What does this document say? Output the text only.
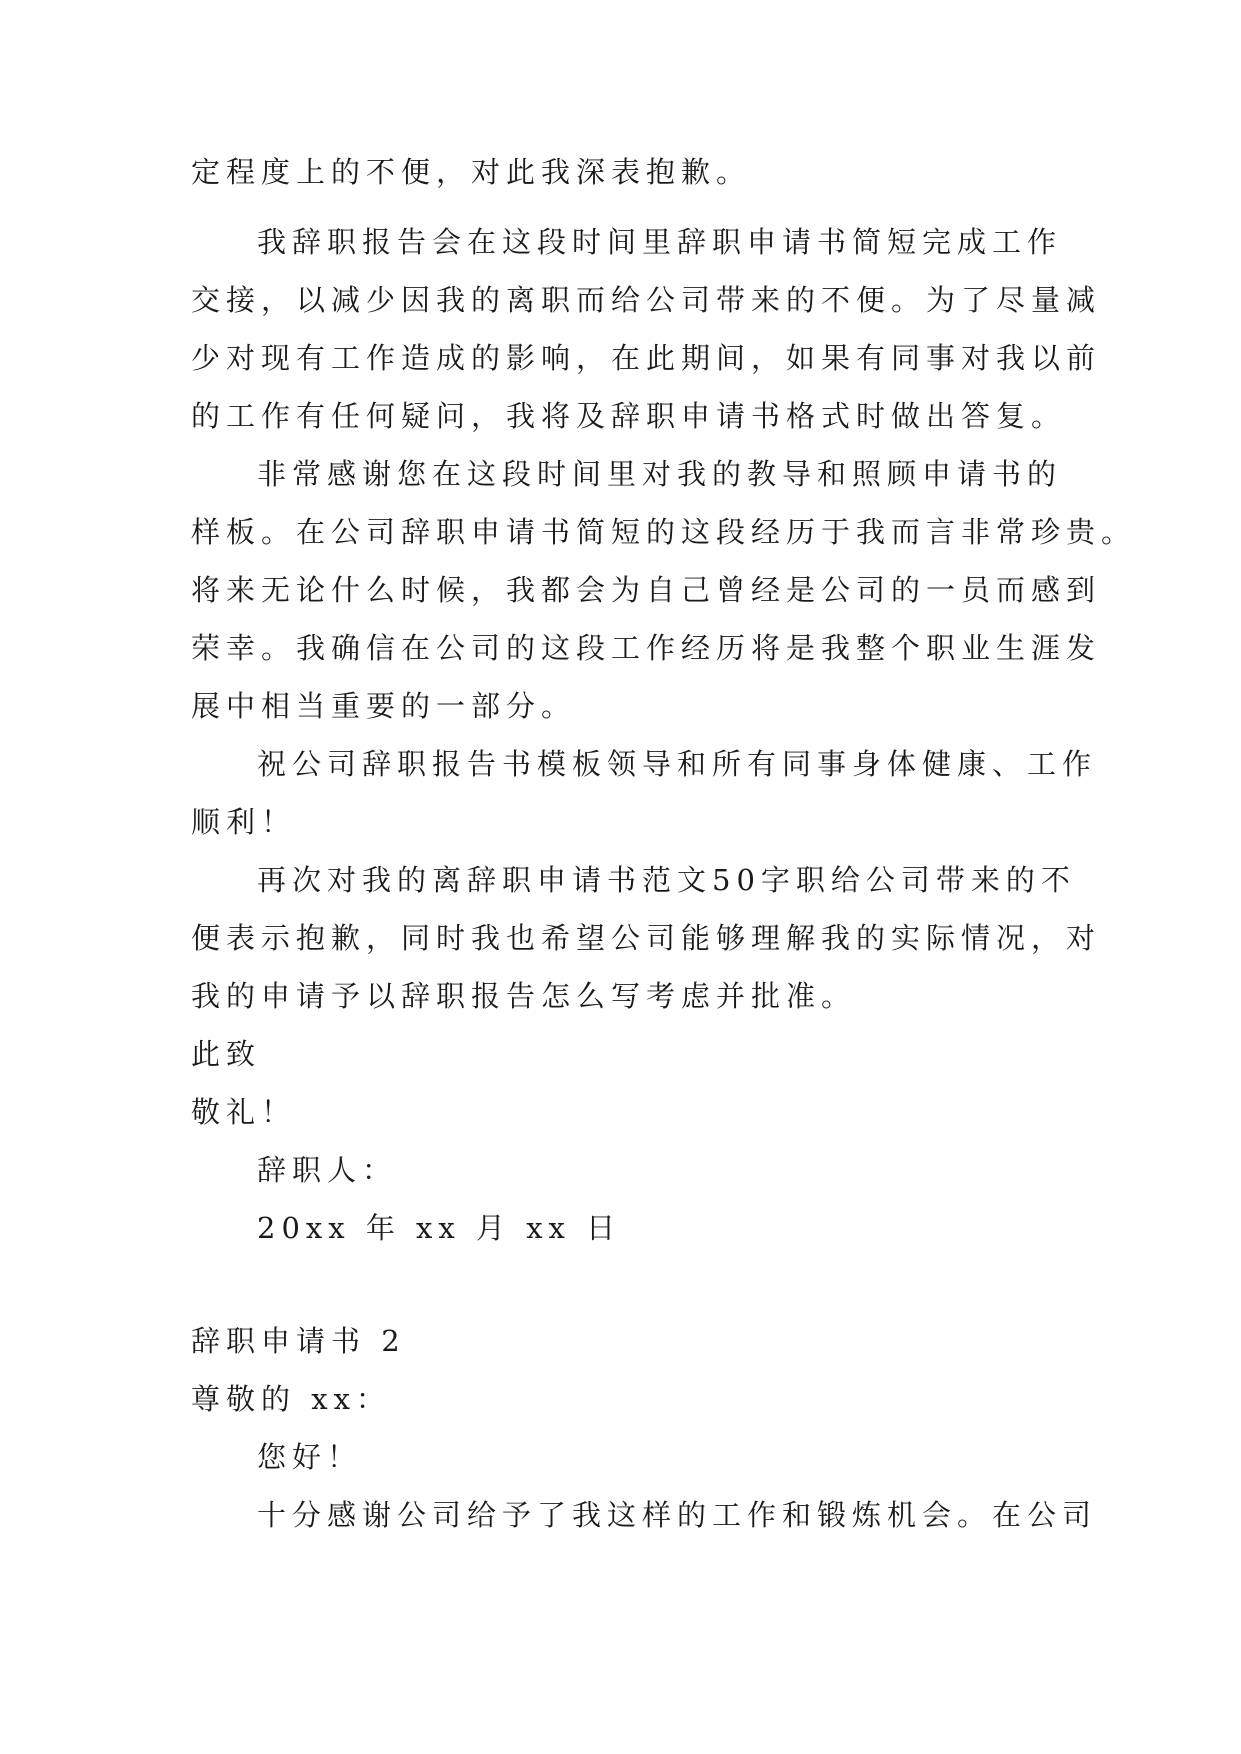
定程度上的不便，对此我深表抱歉。
我辞职报告会在这段时间里辞职申请书简短完成工作
交接，以减少因我的离职而给公司带来的不便。为了尽量减
少对现有工作造成的影响，在此期间，如果有同事对我以前
的工作有任何疑问，我将及辞职申请书格式时做出答复。
非常感谢您在这段时间里对我的教导和照顾申请书的
样板。在公司辞职申请书简短的这段经历于我而言非常珍贵。
将来无论什么时候，我都会为自己曾经是公司的一员而感到
荣幸。我确信在公司的这段工作经历将是我整个职业生涯发
展中相当重要的一部分。
祝公司辞职报告书模板领导和所有同事身体健康、工作
顺利！
再次对我的离辞职申请书范文50字职给公司带来的不
便表示抱歉，同时我也希望公司能够理解我的实际情况，对
我的申请予以辞职报告怎么写考虑并批准。
此致
敬礼！
辞职人：
20xx 年 xx 月 xx 日
辞职申请书 2
尊敬的 xx：
您好！
十分感谢公司给予了我这样的工作和锻炼机会。在公司
